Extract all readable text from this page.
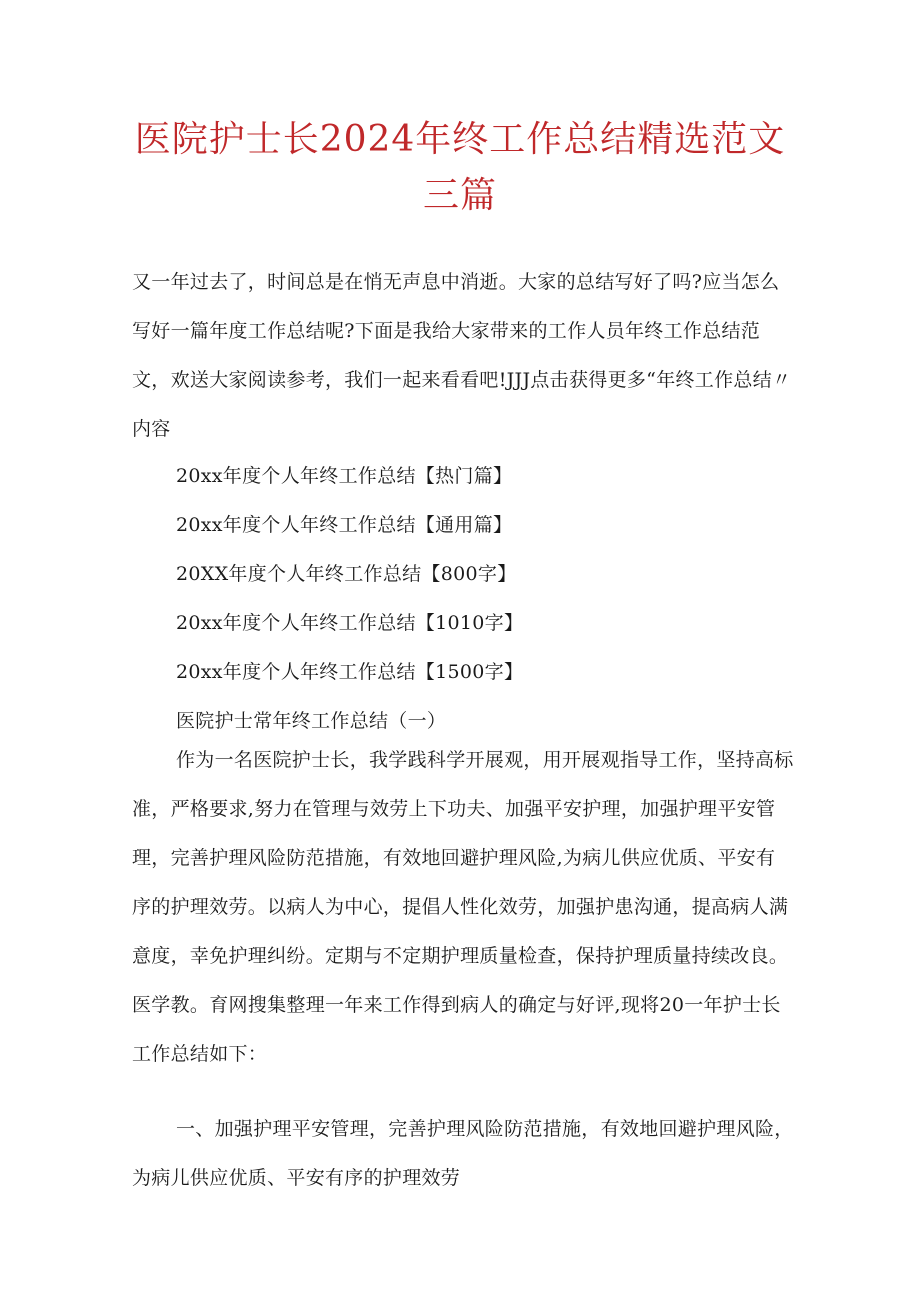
医院护士长2024年终工作总结精选范文三篇

又一年过去了，时间总是在悄无声息中消逝。大家的总结写好了吗?应当怎么写好一篇年度工作总结呢?下面是我给大家带来的工作人员年终工作总结范文，欢送大家阅读参考，我们一起来看看吧!JJJ点击获得更多“年终工作总结〃内容

20xx年度个人年终工作总结【热门篇】

20xx年度个人年终工作总结【通用篇】

20XX年度个人年终工作总结【800字】

20xx年度个人年终工作总结【1010字】

20xx年度个人年终工作总结【1500字】

医院护士常年终工作总结（一）

作为一名医院护士长，我学践科学开展观，用开展观指导工作，坚持高标准，严格要求,努力在管理与效劳上下功夫、加强平安护理，加强护理平安管理，完善护理风险防范措施，有效地回避护理风险,为病儿供应优质、平安有序的护理效劳。以病人为中心，提倡人性化效劳，加强护患沟通，提高病人满意度，幸免护理纠纷。定期与不定期护理质量检查，保持护理质量持续改良。医学教。育网搜集整理一年来工作得到病人的确定与好评,现将20一年护士长工作总结如下：

一、加强护理平安管理，完善护理风险防范措施，有效地回避护理风险，为病儿供应优质、平安有序的护理效劳
